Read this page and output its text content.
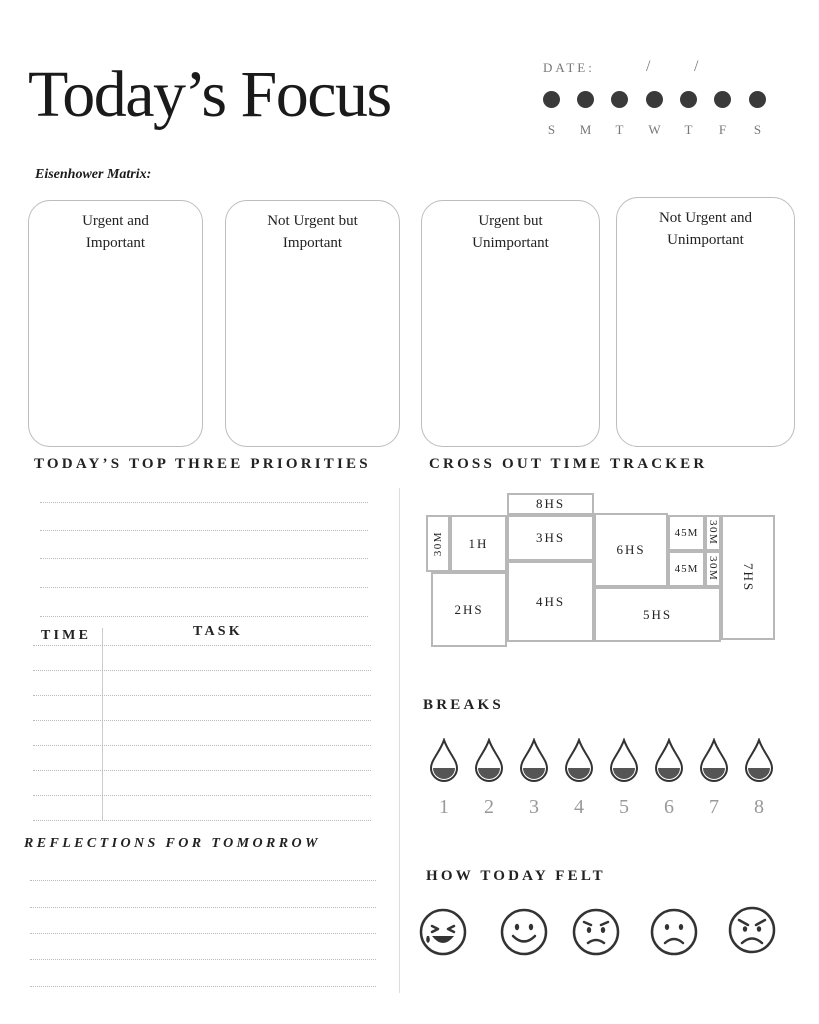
Today’s Focus	DATE:	/	/
S	M	T	W	T	F	S
Eisenhower Matrix:
Urgent and
Important
Not Urgent but
Important
Urgent but
Unimportant
Not Urgent and
Unimportant
TODAY’S TOP THREE PRIORITIES
TIME	TASK
REFLECTIONS FOR TOMORROW
CROSS OUT TIME TRACKER
8HS
30M 1H	3HS
6HS
45M 30M
45M 30M 7HS
2HS
4HS
5HS
BREAKS
1	2	3	4	5	6	7	8
HOW TODAY FELT
